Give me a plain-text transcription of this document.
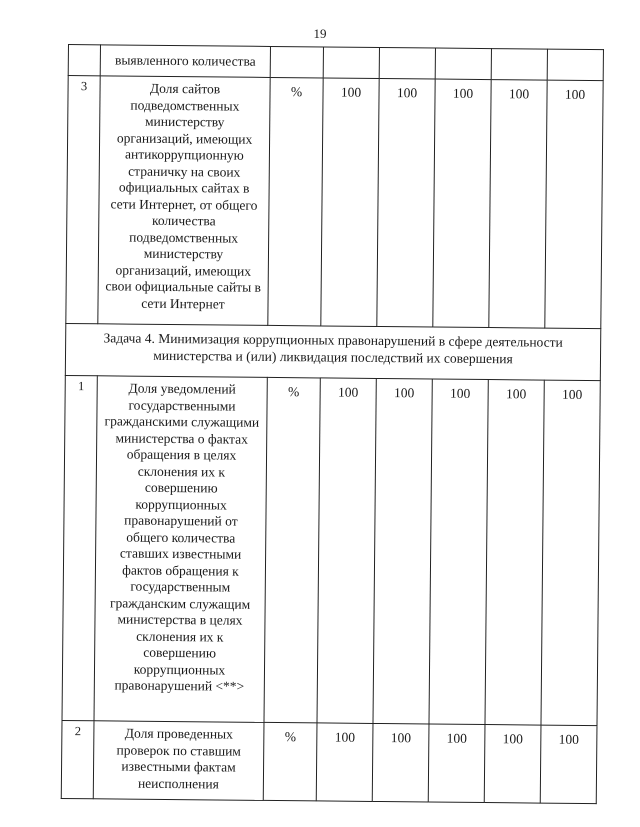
19
	выявленного количества						
3	Доля сайтов подведомственных министерству организаций, имеющих антикоррупционную страничку на своих официальных сайтах в сети Интернет, от общего количества подведомственных министерству организаций, имеющих свои официальные сайты в сети Интернет	%	100	100	100	100	100
Задача 4. Минимизация коррупционных правонарушений в сфере деятельности министерства и (или) ликвидация последствий их совершения							
1	Доля уведомлений государственными гражданскими служащими министерства о фактах обращения в целях склонения их к совершению коррупционных правонарушений от общего количества ставших известными фактов обращения к государственным гражданским служащим министерства в целях склонения их к совершению коррупционных правонарушений <**>	%	100	100	100	100	100
2	Доля проведенных проверок по ставшим известными фактам неисполнения	%	100	100	100	100	100
